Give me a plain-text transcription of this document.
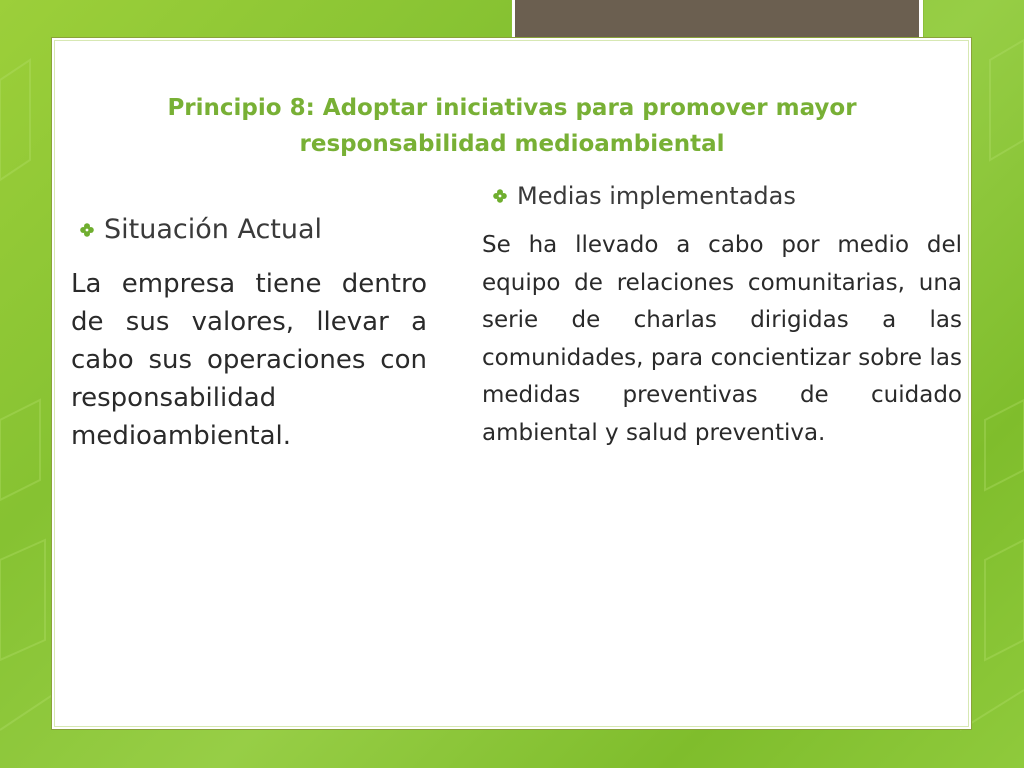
Principio 8: Adoptar iniciativas para promover mayor responsabilidad medioambiental
Situación Actual

La empresa tiene dentro de sus valores, llevar a cabo sus operaciones con responsabilidad medioambiental.

Medias implementadas

Se ha llevado a cabo por medio del equipo de relaciones comunitarias, una serie de charlas dirigidas a las comunidades, para concientizar sobre las medidas preventivas de cuidado ambiental y salud preventiva.
